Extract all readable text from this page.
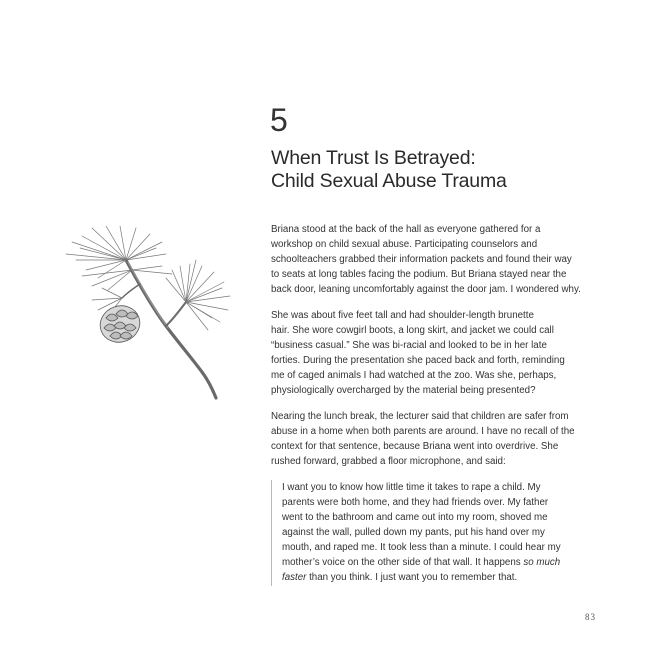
5
When Trust Is Betrayed:
Child Sexual Abuse Trauma

Briana stood at the back of the hall as everyone gathered for a
workshop on child sexual abuse. Participating counselors and
schoolteachers grabbed their information packets and found their way
to seats at long tables facing the podium. But Briana stayed near the
back door, leaning uncomfortably against the door jam. I wondered why.

She was about five feet tall and had shoulder-length brunette
hair. She wore cowgirl boots, a long skirt, and jacket we could call
“business casual.” She was bi-racial and looked to be in her late
forties. During the presentation she paced back and forth, reminding
me of caged animals I had watched at the zoo. Was she, perhaps,
physiologically overcharged by the material being presented?

Nearing the lunch break, the lecturer said that children are safer from
abuse in a home when both parents are around. I have no recall of the
context for that sentence, because Briana went into overdrive. She
rushed forward, grabbed a floor microphone, and said:

I want you to know how little time it takes to rape a child. My
parents were both home, and they had friends over. My father
went to the bathroom and came out into my room, shoved me
against the wall, pulled down my pants, put his hand over my
mouth, and raped me. It took less than a minute. I could hear my
mother’s voice on the other side of that wall. It happens so much
faster than you think. I just want you to remember that.

83
